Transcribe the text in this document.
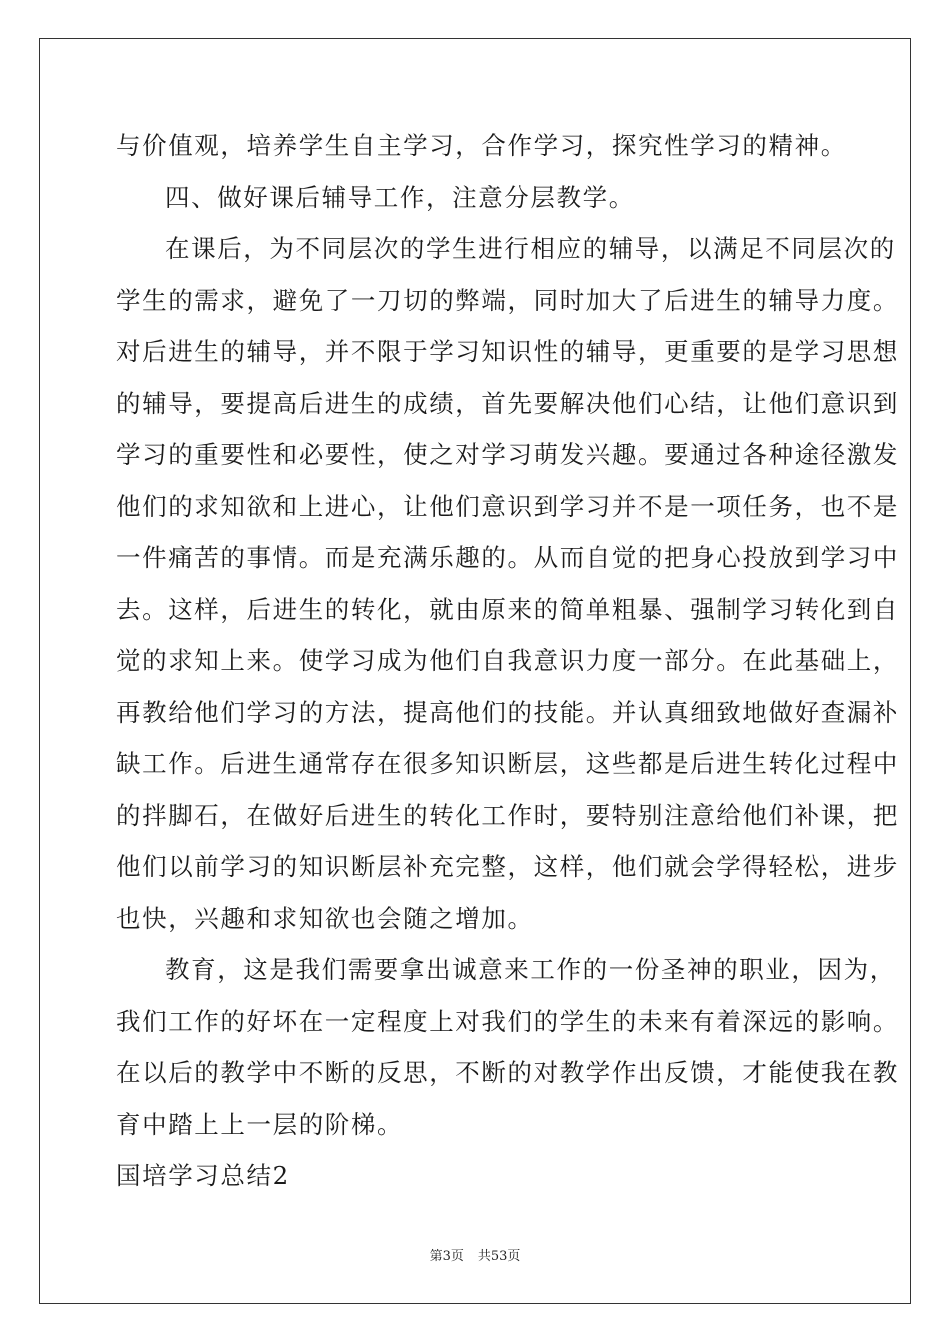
与价值观，培养学生自主学习，合作学习，探究性学习的精神。
四、做好课后辅导工作，注意分层教学。
在课后，为不同层次的学生进行相应的辅导，以满足不同层次的
学生的需求，避免了一刀切的弊端，同时加大了后进生的辅导力度。
对后进生的辅导，并不限于学习知识性的辅导，更重要的是学习思想
的辅导，要提高后进生的成绩，首先要解决他们心结，让他们意识到
学习的重要性和必要性，使之对学习萌发兴趣。要通过各种途径激发
他们的求知欲和上进心，让他们意识到学习并不是一项任务，也不是
一件痛苦的事情。而是充满乐趣的。从而自觉的把身心投放到学习中
去。这样，后进生的转化，就由原来的简单粗暴、强制学习转化到自
觉的求知上来。使学习成为他们自我意识力度一部分。在此基础上，
再教给他们学习的方法，提高他们的技能。并认真细致地做好查漏补
缺工作。后进生通常存在很多知识断层，这些都是后进生转化过程中
的拌脚石，在做好后进生的转化工作时，要特别注意给他们补课，把
他们以前学习的知识断层补充完整，这样，他们就会学得轻松，进步
也快，兴趣和求知欲也会随之增加。
教育，这是我们需要拿出诚意来工作的一份圣神的职业，因为，
我们工作的好坏在一定程度上对我们的学生的未来有着深远的影响。
在以后的教学中不断的反思，不断的对教学作出反馈，才能使我在教
育中踏上上一层的阶梯。
国培学习总结2
第3页 共53页
